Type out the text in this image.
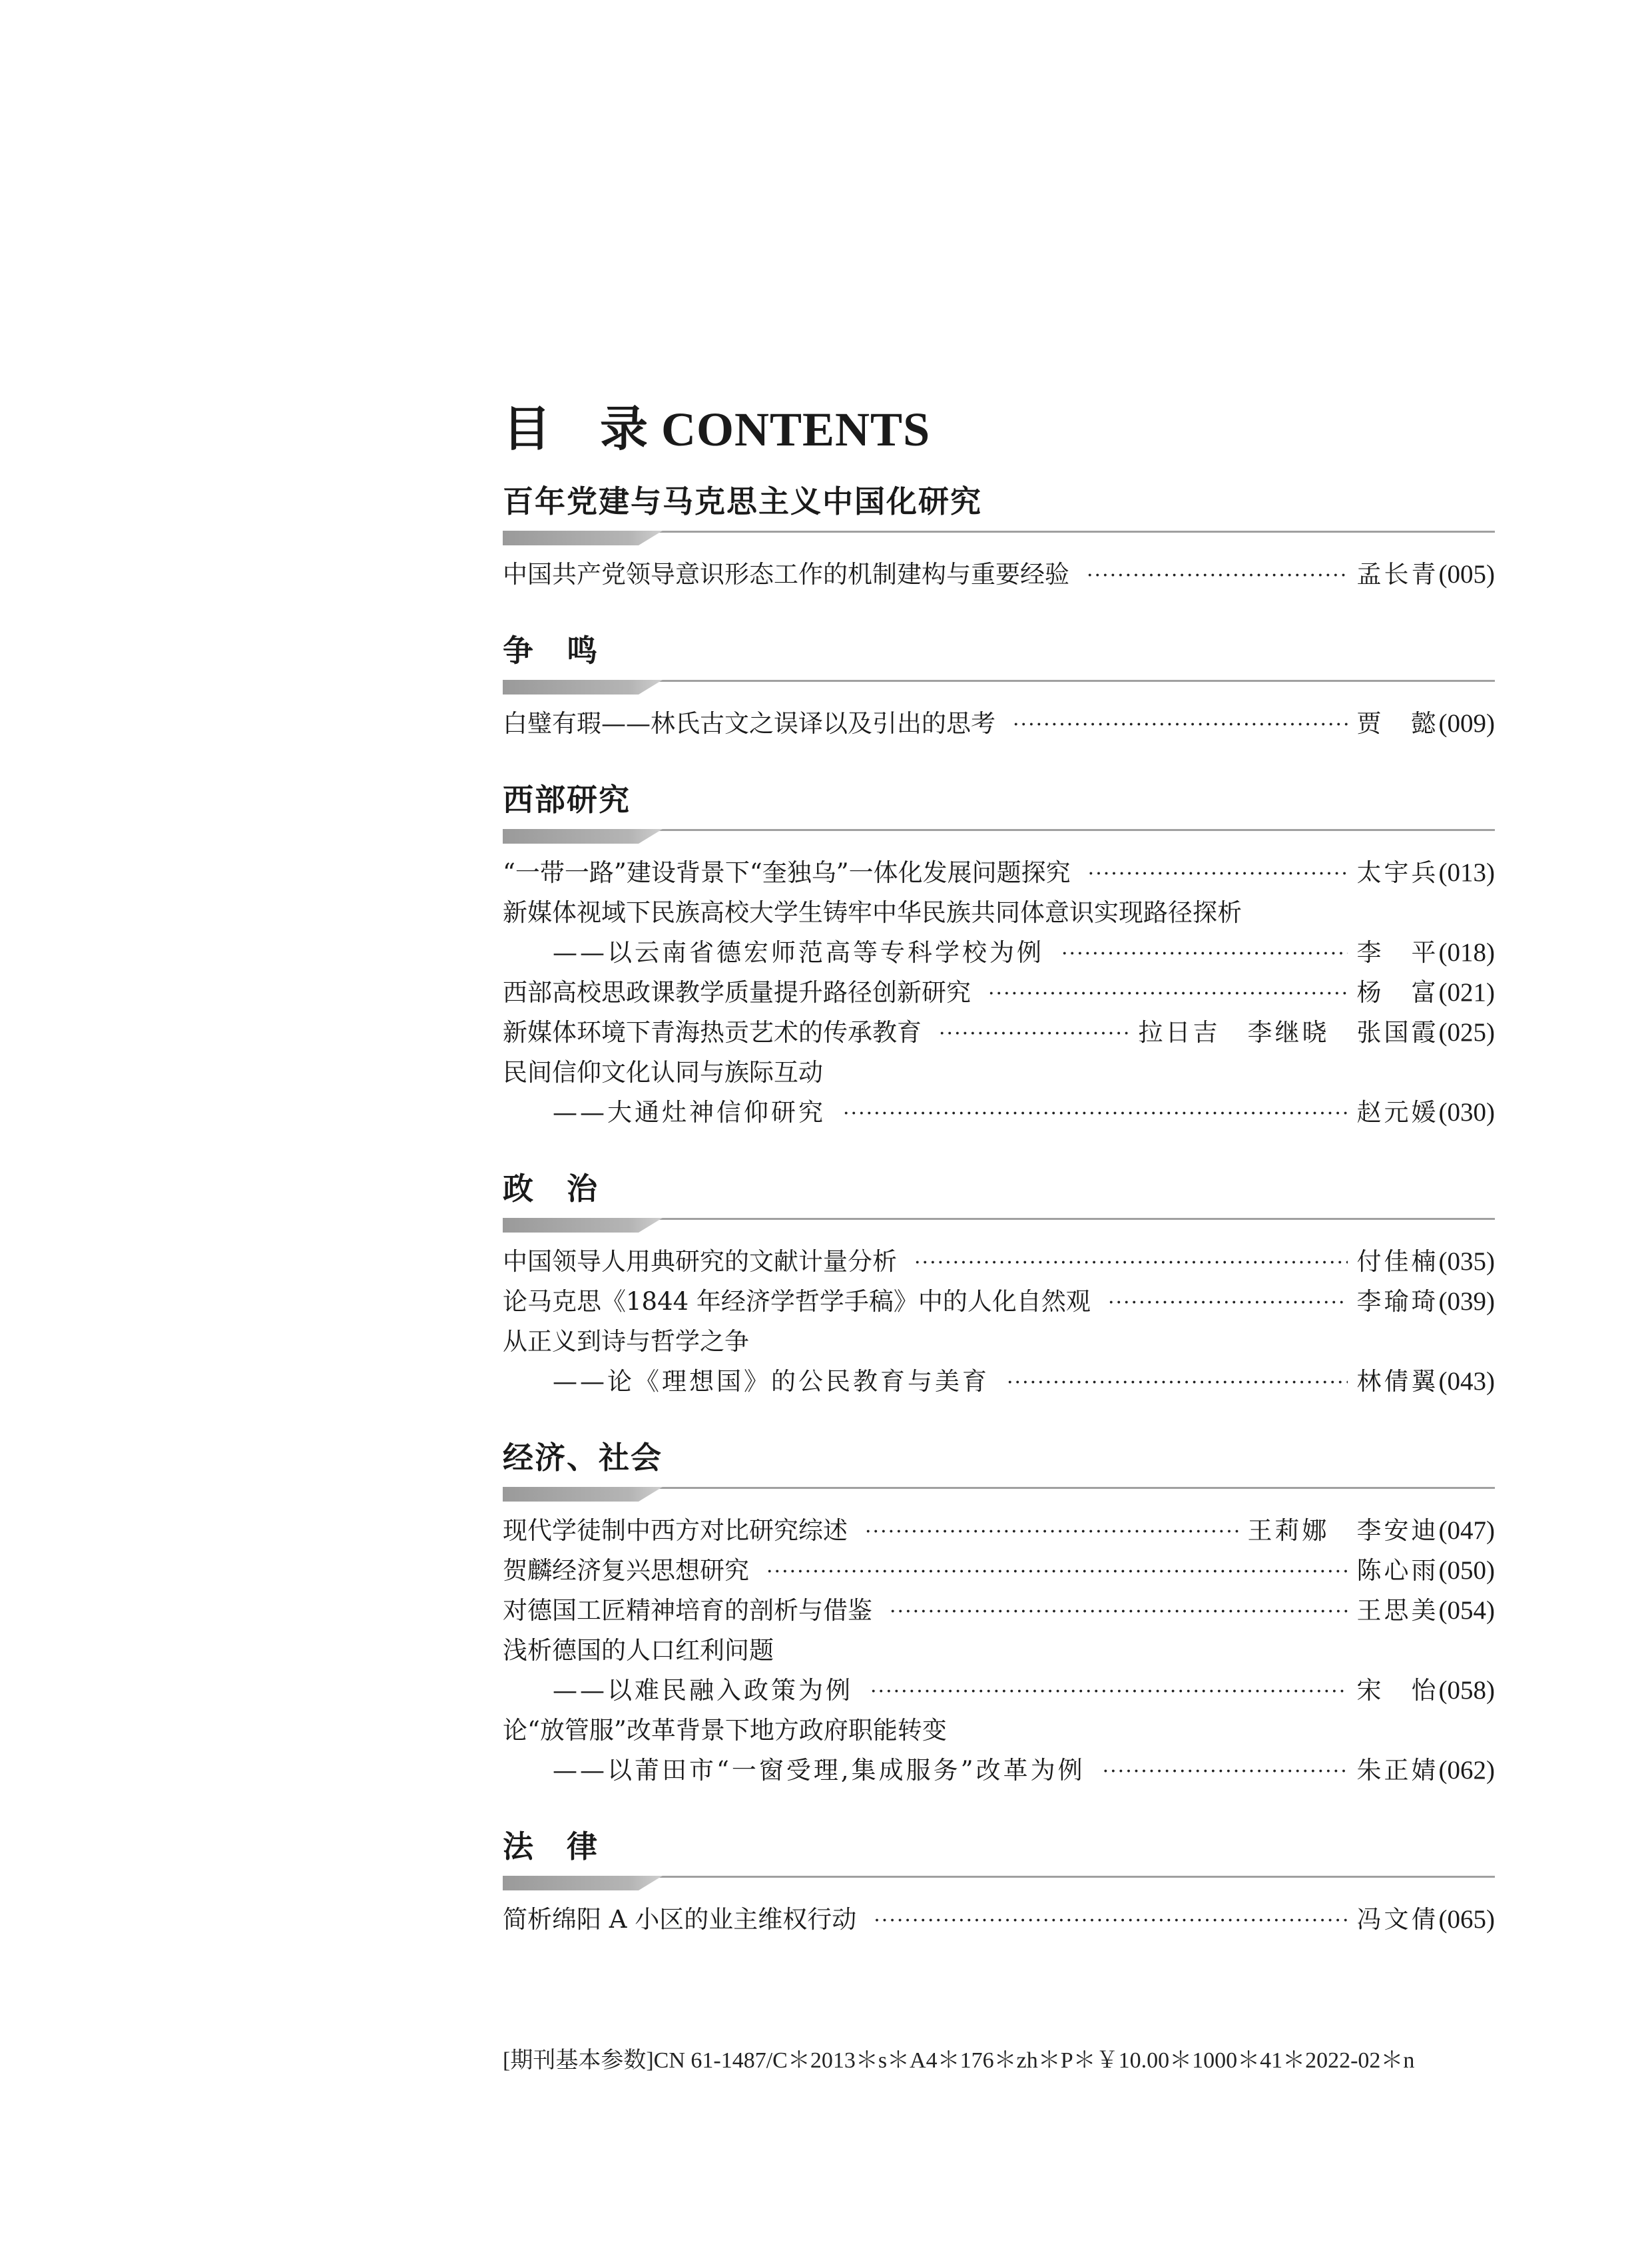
目　录 CONTENTS
百年党建与马克思主义中国化研究
中国共产党领导意识形态工作的机制建构与重要经验 ·····	孟长青 (005)
争　鸣
白璧有瑕——林氏古文之误译以及引出的思考 ·····	贾　懿 (009)
西部研究
“一带一路”建设背景下“奎独乌”一体化发展问题探究 ·····	太宇兵 (013)
新媒体视域下民族高校大学生铸牢中华民族共同体意识实现路径探析
——以云南省德宏师范高等专科学校为例 ·····	李　平 (018)
西部高校思政课教学质量提升路径创新研究 ·····	杨　富 (021)
新媒体环境下青海热贡艺术的传承教育 ·····	拉日吉　李继晓　张国霞 (025)
民间信仰文化认同与族际互动
——大通灶神信仰研究 ·····	赵元媛 (030)
政　治
中国领导人用典研究的文献计量分析 ·····	付佳楠 (035)
论马克思《1844 年经济学哲学手稿》中的人化自然观 ·····	李瑜琦 (039)
从正义到诗与哲学之争
——论《理想国》的公民教育与美育 ·····	林倩翼 (043)
经济、社会
现代学徒制中西方对比研究综述 ·····	王莉娜　李安迪 (047)
贺麟经济复兴思想研究 ·····	陈心雨 (050)
对德国工匠精神培育的剖析与借鉴 ·····	王思美 (054)
浅析德国的人口红利问题
——以难民融入政策为例 ·····	宋　怡 (058)
论“放管服”改革背景下地方政府职能转变
——以莆田市“一窗受理,集成服务”改革为例 ·····	朱正婧 (062)
法　律
简析绵阳 A 小区的业主维权行动 ·····	冯文倩 (065)
[期刊基本参数]CN 61-1487/C＊2013＊s＊A4＊176＊zh＊P＊￥10.00＊1000＊41＊2022-02＊n
